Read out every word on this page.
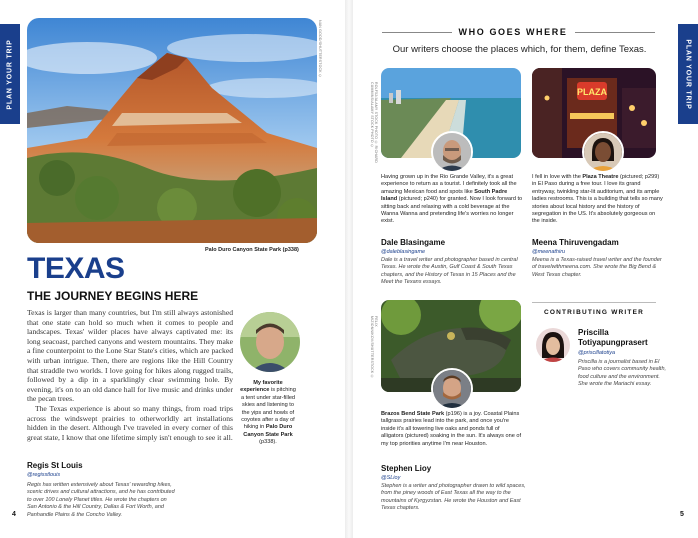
PLAN YOUR TRIP	PLAN YOUR TRIP
NAN GOOD/SHUTTERSTOCK ©
Palo Duro Canyon State Park (p338)
TEXAS
THE JOURNEY BEGINS HERE

Texas is larger than many countries, but I'm still always astonished that one state can hold so much when it comes to people and landscapes. Texas' wilder places have always captivated me: its long seacoast, parched canyons and western mountains. They make a fine counterpoint to the Lone Star State's cities, which are packed with urban intrigue. Then, there are regions like the Hill Country that straddle two worlds. I love going for hikes along rugged trails, followed by a dip in a sparklingly clear swimming hole. By evening, it's on to an old dance hall for live music and drinks under the pecan trees.

The Texas experience is about so many things, from road trips across the windswept prairies to otherworldly art installations hidden in the desert. Although I've traveled in every corner of this great state, I know that one lifetime simply isn't enough to see it all.

My favorite experience is pitching a tent under star-filled skies and listening to the yips and howls of coyotes after a day of hiking in Palo Duro Canyon State Park (p338).
Regis St Louis
@regisstlouis
Regis has written extensively about Texas' rewarding hikes, scenic drives and cultural attractions, and he has contributed to over 100 Lonely Planet titles. He wrote the chapters on San Antonio & the Hill Country, Dallas & Fort Worth, and Panhandle Plains & the Concho Valley.
4
WHO GOES WHERE
Our writers choose the places which, for them, define Texas.
ROLF52/ALAMY STOCK PHOTO © RICHARD CUMMINS/ALAMY STOCK PHOTO ©
Having grown up in the Rio Grande Valley, it's a great experience to return as a tourist. I definitely took all the amazing Mexican food and spots like South Padre Island (pictured; p240) for granted. Now I look forward to sitting back and relaxing with a cold beverage at the Wanna Wanna and pretending life's worries no longer exist.
Dale Blasingame
@daleblasingame
Dale is a travel writer and photographer based in central Texas. He wrote the Austin, Gulf Coast & South Texas chapters, and the History of Texas in 15 Places and the Meet the Texans essays.
PLAZA
I fell in love with the Plaza Theatre (pictured; p299) in El Paso during a free tour. I love its grand entryway, twinkling star-lit auditorium, and its ample ladies restrooms. This is a building that tells so many stories about local history and the history of segregation in the US. It's absolutely gorgeous on the inside.
Meena Thiruvengadam
@meenathiru
Meena is a Texas-raised travel writer and the founder of travelwithmeena.com. She wrote the Big Bend & West Texas chapter.
FELIX MIZIONNIKOV/SHUTTERSTOCK ©
Brazos Bend State Park (p196) is a joy. Coastal Plains tallgrass prairies lead into the park, and once you're inside it's all towering live oaks and ponds full of alligators (pictured) soaking in the sun. It's always one of my top priorities anytime I'm near Houston.
Stephen Lioy
@SLioy
Stephen is a writer and photographer drawn to wild spaces, from the piney woods of East Texas all the way to the mountains of Kyrgyzstan. He wrote the Houston and East Texas chapters.
CONTRIBUTING WRITER
Priscilla Totiyapungprasert
@priscillatotiya
Priscilla is a journalist based in El Paso who covers community health, food culture and the environment. She wrote the Mariachi essay.
5
